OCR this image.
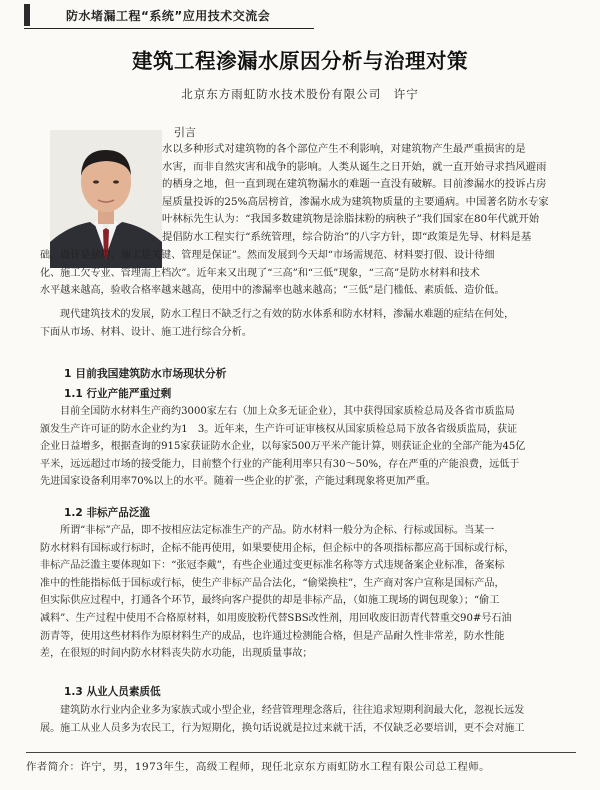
防水堵漏工程“系统”应用技术交流会
建筑工程渗漏水原因分析与治理对策
北京东方雨虹防水技术股份有限公司　许宁
引言
水以多种形式对建筑物的各个部位产生不利影响，对建筑物产生最严重损害的是
水害，而非自然灾害和战争的影响。人类从诞生之日开始，就一直开始寻求挡风避雨
的栖身之地，但一直到现在建筑物漏水的难题一直没有破解。目前渗漏水的投诉占房
屋质量投诉的25%高居榜首，渗漏水成为建筑物质量的主要通病。中国著名防水专家
叶林标先生认为：“我国多数建筑物是涂脂抹粉的病秧子”我们国家在80年代就开始
提倡防水工程实行“系统管理，综合防治”的八字方针，即“政策是先导、材料是基
础、设计是前提、施工是关键、管理是保证”。然而发展到今天却“市场需规范、材料要打假、设计待细
化、施工欠专业、管理需上档次”。近年来又出现了“三高”和“三低”现象，“三高”是防水材料和技术
水平越来越高，验收合格率越来越高，使用中的渗漏率也越来越高；“三低”是门槛低、素质低、造价低。
现代建筑技术的发展，防水工程日不缺乏行之有效的防水体系和防水材料，渗漏水难题的症结在何处，
下面从市场、材料、设计、施工进行综合分析。
1 目前我国建筑防水市场现状分析
1.1 行业产能严重过剩
目前全国防水材料生产商约3000家左右（加上众多无证企业），其中获得国家质检总局及各省市质监局
颁发生产许可证的防水企业约为1　3。近年来，生产许可证审核权从国家质检总局下放各省级质监局，获证
企业日益增多，根据查询的915家获证防水企业，以每家500万平米产能计算，则获证企业的全部产能为45亿
平米，远远超过市场的接受能力，目前整个行业的产能利用率只有30～50%，存在严重的产能浪费，远低于
先进国家设备利用率70%以上的水平。随着一些企业的扩张，产能过剩现象将更加严重。
1.2 非标产品泛滥
所谓“非标”产品，即不按相应法定标准生产的产品。防水材料一般分为企标、行标或国标。当某一
防水材料有国标或行标时，企标不能再使用，如果要使用企标，但企标中的各项指标都应高于国标或行标，
非标产品泛滥主要体现如下：“张冠李戴”，有些企业通过变更标准名称等方式违规备案企业标准，备案标
准中的性能指标低于国标或行标，使生产非标产品合法化，“偷梁换柱”，生产商对客户宣称是国标产品，
但实际供应过程中，打通各个环节，最终向客户提供的却是非标产品，（如施工现场的调包现象）；“偷工
减料”、生产过程中使用不合格原材料，如用废胶粉代替SBS改性剂，用回收废旧沥青代替重交90#号石油
沥青等，使用这些材料作为原材料生产的成品，也许通过检测能合格，但是产品耐久性非常差，防水性能
差，在很短的时间内防水材料丧失防水功能，出现质量事故；
1.3 从业人员素质低
建筑防水行业内企业多为家族式或小型企业，经营管理理念落后，往往追求短期利润最大化，忽视长远发
展。施工从业人员多为农民工，行为短期化，换句话说就是拉过来就干活，不仅缺乏必要培训，更不会对施工
作者简介：许宁，男，1973年生，高级工程师，现任北京东方雨虹防水工程有限公司总工程师。
